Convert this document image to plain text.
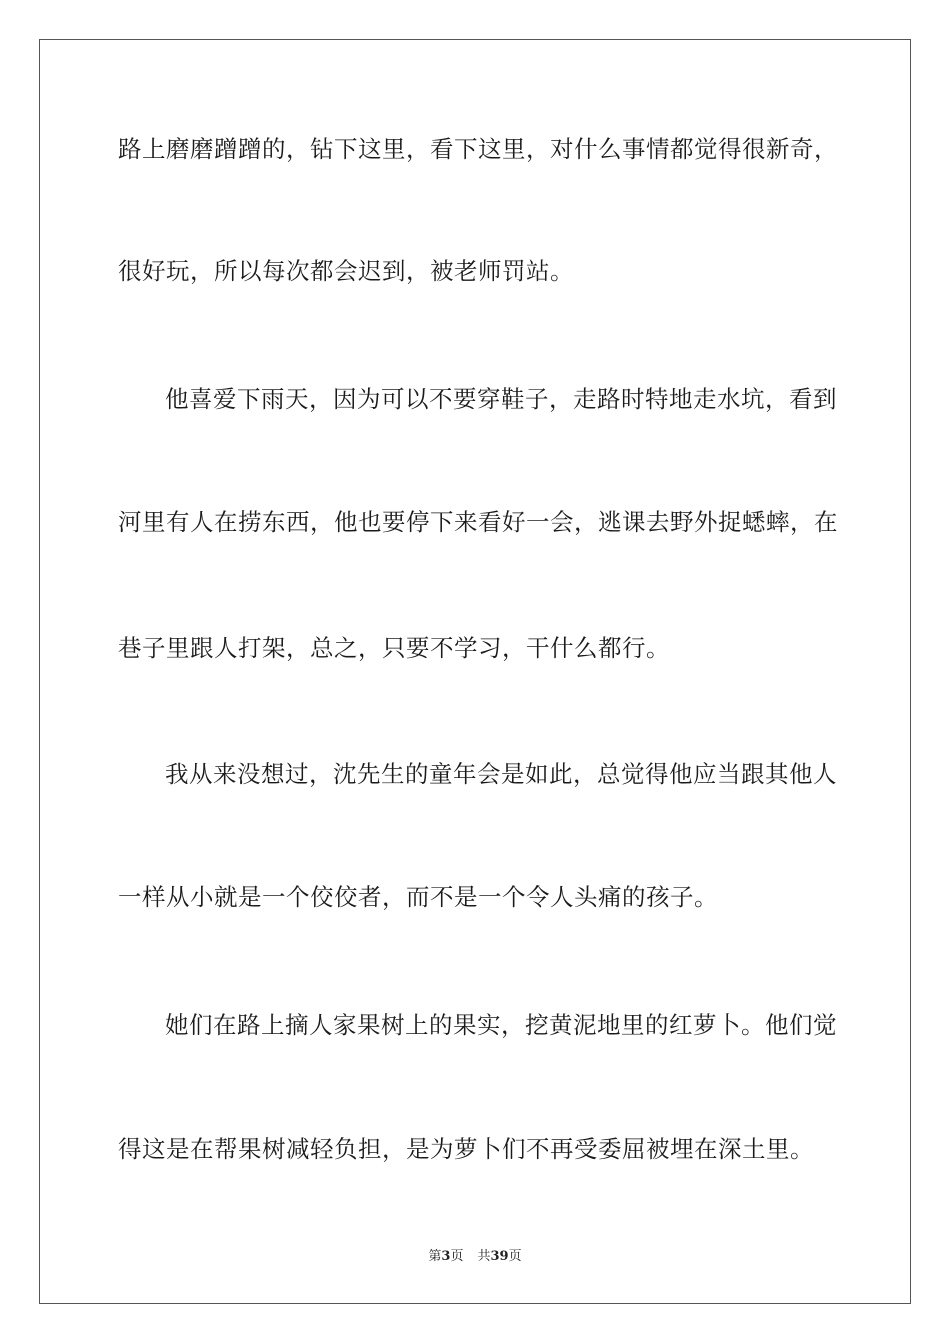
路上磨磨蹭蹭的，钻下这里，看下这里，对什么事情都觉得很新奇，
很好玩，所以每次都会迟到，被老师罚站。
他喜爱下雨天，因为可以不要穿鞋子，走路时特地走水坑，看到
河里有人在捞东西，他也要停下来看好一会，逃课去野外捉蟋蟀，在
巷子里跟人打架，总之，只要不学习，干什么都行。
我从来没想过，沈先生的童年会是如此，总觉得他应当跟其他人
一样从小就是一个佼佼者，而不是一个令人头痛的孩子。
她们在路上摘人家果树上的果实，挖黄泥地里的红萝卜。他们觉
得这是在帮果树减轻负担，是为萝卜们不再受委屈被埋在深土里。
第3页 共39页
